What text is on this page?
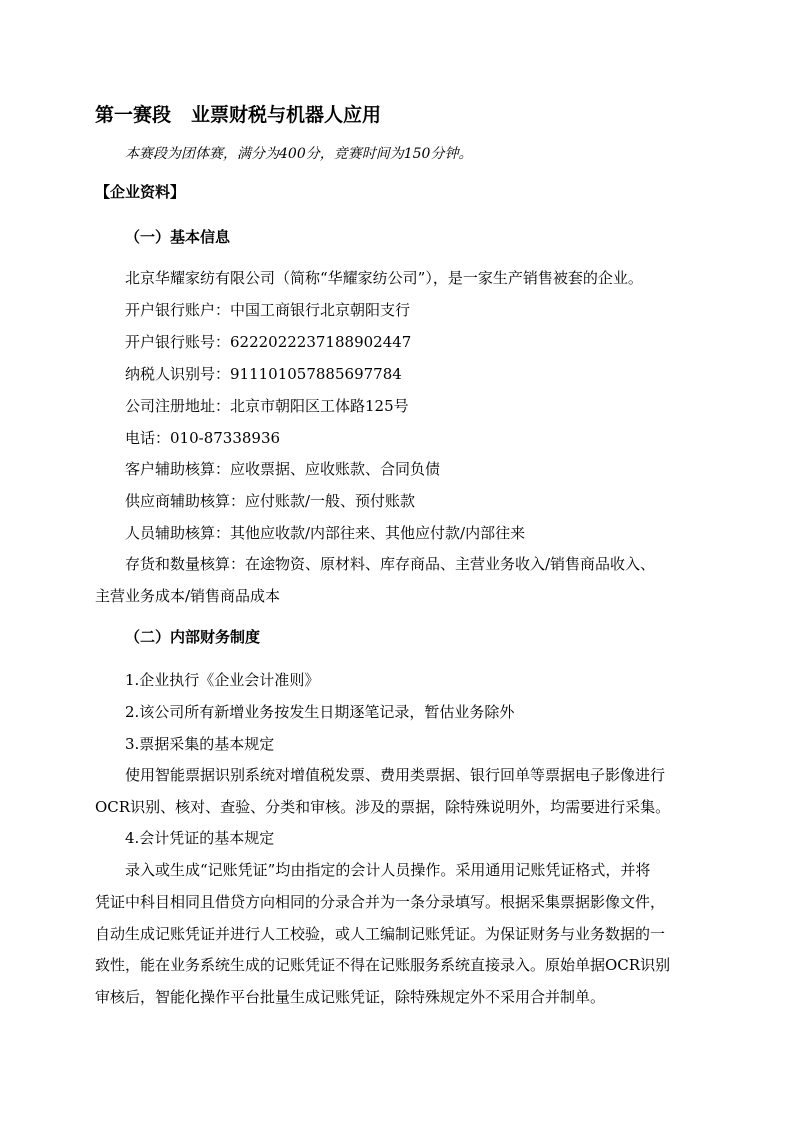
第一赛段 业票财税与机器人应用
本赛段为团体赛，满分为400分，竞赛时间为150分钟。
【企业资料】
（一）基本信息
北京华耀家纺有限公司（简称“华耀家纺公司”），是一家生产销售被套的企业。
开户银行账户：中国工商银行北京朝阳支行
开户银行账号：6222022237188902447
纳税人识别号：911101057885697784
公司注册地址：北京市朝阳区工体路125号
电话：010-87338936
客户辅助核算：应收票据、应收账款、合同负债
供应商辅助核算：应付账款/一般、预付账款
人员辅助核算：其他应收款/内部往来、其他应付款/内部往来
存货和数量核算：在途物资、原材料、库存商品、主营业务收入/销售商品收入、
主营业务成本/销售商品成本
（二）内部财务制度
1.企业执行《企业会计准则》
2.该公司所有新增业务按发生日期逐笔记录，暂估业务除外
3.票据采集的基本规定
使用智能票据识别系统对增值税发票、费用类票据、银行回单等票据电子影像进行
OCR识别、核对、查验、分类和审核。涉及的票据，除特殊说明外，均需要进行采集。
4.会计凭证的基本规定
录入或生成“记账凭证”均由指定的会计人员操作。采用通用记账凭证格式，并将
凭证中科目相同且借贷方向相同的分录合并为一条分录填写。根据采集票据影像文件，
自动生成记账凭证并进行人工校验，或人工编制记账凭证。为保证财务与业务数据的一
致性，能在业务系统生成的记账凭证不得在记账服务系统直接录入。原始单据OCR识别
审核后，智能化操作平台批量生成记账凭证，除特殊规定外不采用合并制单。
